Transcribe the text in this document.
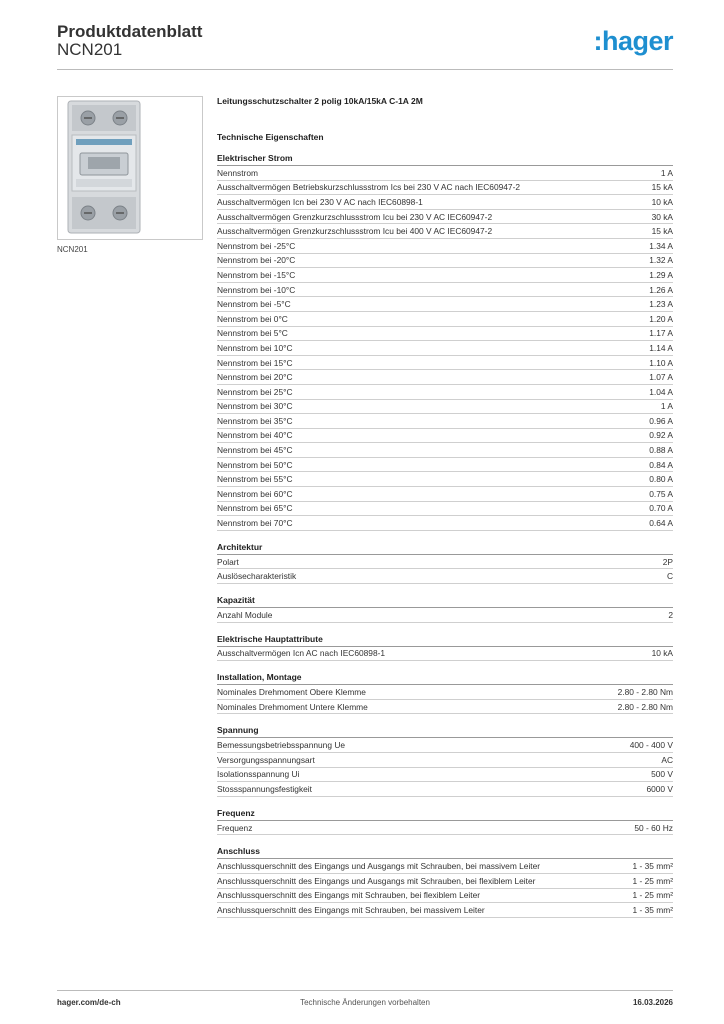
Produktdatenblatt
NCN201	:hager
NCN201
Leitungsschutzschalter 2 polig 10kA/15kA C-1A 2M
Technische Eigenschaften
Elektrischer Strom
Nennstrom	1 A
Ausschaltvermögen Betriebskurzschlussstrom Ics bei 230 V AC nach IEC60947-2	15 kA
Ausschaltvermögen Icn bei 230 V AC nach IEC60898-1	10 kA
Ausschaltvermögen Grenzkurzschlussstrom Icu bei 230 V AC IEC60947-2	30 kA
Ausschaltvermögen Grenzkurzschlussstrom Icu bei 400 V AC IEC60947-2	15 kA
Nennstrom bei -25°C	1.34 A
Nennstrom bei -20°C	1.32 A
Nennstrom bei -15°C	1.29 A
Nennstrom bei -10°C	1.26 A
Nennstrom bei -5°C	1.23 A
Nennstrom bei 0°C	1.20 A
Nennstrom bei 5°C	1.17 A
Nennstrom bei 10°C	1.14 A
Nennstrom bei 15°C	1.10 A
Nennstrom bei 20°C	1.07 A
Nennstrom bei 25°C	1.04 A
Nennstrom bei 30°C	1 A
Nennstrom bei 35°C	0.96 A
Nennstrom bei 40°C	0.92 A
Nennstrom bei 45°C	0.88 A
Nennstrom bei 50°C	0.84 A
Nennstrom bei 55°C	0.80 A
Nennstrom bei 60°C	0.75 A
Nennstrom bei 65°C	0.70 A
Nennstrom bei 70°C	0.64 A
Architektur
Polart	2P
Auslösecharakteristik	C
Kapazität
Anzahl Module	2
Elektrische Hauptattribute
Ausschaltvermögen Icn AC nach IEC60898-1	10 kA
Installation, Montage
Nominales Drehmoment Obere Klemme	2.80 - 2.80 Nm
Nominales Drehmoment Untere Klemme	2.80 - 2.80 Nm
Spannung
Bemessungsbetriebsspannung Ue	400 - 400 V
Versorgungsspannungsart	AC
Isolationsspannung Ui	500 V
Stossspannungsfestigkeit	6000 V
Frequenz
Frequenz	50 - 60 Hz
Anschluss
Anschlussquerschnitt des Eingangs und Ausgangs mit Schrauben, bei massivem Leiter	1 - 35 mm²
Anschlussquerschnitt des Eingangs und Ausgangs mit Schrauben, bei flexiblem Leiter	1 - 25 mm²
Anschlussquerschnitt des Eingangs mit Schrauben, bei flexiblem Leiter	1 - 25 mm²
Anschlussquerschnitt des Eingangs mit Schrauben, bei massivem Leiter	1 - 35 mm²
hager.com/de-ch	Technische Änderungen vorbehalten	16.03.2026
